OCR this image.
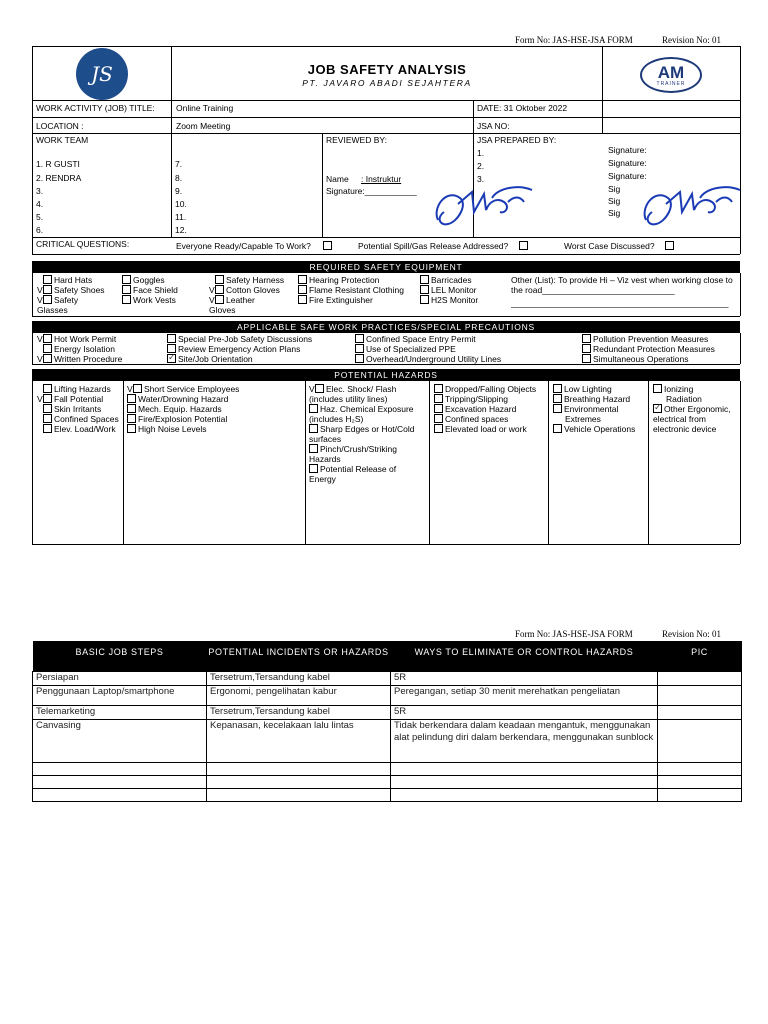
Form No: JAS-HSE-JSA FORM	Revision No: 01
JS	JOB SAFETY ANALYSIS
PT. JAVARO ABADI SEJAHTERA
AM
TRAINER
WORK ACTIVITY (JOB) TITLE:	Online Training	DATE: 31 Oktober 2022
LOCATION :	Zoom Meeting	JSA NO:
WORK TEAM
1. R GUSTI
2. RENDRA
3.
4.
5.
6.
7.
8.
9.
10.
11.
12.
REVIEWED BY:
Name : Instruktur
Signature:___________
JSA PREPARED BY:
1.
2.
3.
Signature:
Signature:
Signature:
Sig
Sig
Sig
CRITICAL QUESTIONS:	Everyone Ready/Capable To Work?	Potential Spill/Gas Release Addressed?	Worst Case Discussed?
REQUIRED SAFETY EQUIPMENT
Hard Hats
V Safety Shoes
V Safety
Glasses
Goggles
Face Shield
Work Vests
Safety Harness
V Cotton Gloves
V Leather
Gloves
Hearing Protection
Flame Resistant Clothing
Fire Extinguisher
Barricades
LEL Monitor
H2S Monitor
Other (List): To provide Hi – Viz vest when working close to the road____________________________
______________________________________________
______________________________________________
APPLICABLE SAFE WORK PRACTICES/SPECIAL PRECAUTIONS
V Hot Work Permit
Energy Isolation
V Written Procedure
Special Pre-Job Safety Discussions
Review Emergency Action Plans
✓Site/Job Orientation
Confined Space Entry Permit
Use of Specialized PPE
Overhead/Underground Utility Lines
Pollution Prevention Measures
Redundant Protection Measures
Simultaneous Operations
POTENTIAL HAZARDS
Lifting Hazards
V Fall Potential
Skin Irritants
Confined Spaces
Elev. Load/Work
V Short Service Employees
Water/Drowning Hazard
Mech. Equip. Hazards
Fire/Explosion Potential
High Noise Levels
V Elec. Shock/ Flash
(includes utility lines)
Haz. Chemical Exposure
(includes H₂S)
Sharp Edges or Hot/Cold
surfaces
Pinch/Crush/Striking
Hazards
Potential Release of
Energy
Dropped/Falling Objects
Tripping/Slipping
Excavation Hazard
Confined spaces
Elevated load or work
Low Lighting
Breathing Hazard
Environmental
Extremes
Vehicle Operations
Ionizing
Radiation
✓Other Ergonomic,
electrical from
electronic device
Form No: JAS-HSE-JSA FORM	Revision No: 01
BASIC JOB STEPS	POTENTIAL INCIDENTS OR HAZARDS	WAYS TO ELIMINATE OR CONTROL HAZARDS	PIC
Persiapan	Tersetrum,Tersandung kabel	5R	
Penggunaan Laptop/smartphone	Ergonomi, pengelihatan kabur	Peregangan, setiap 30 menit merehatkan pengeliatan	
Telemarketing	Tersetrum,Tersandung kabel	5R	
Canvasing	Kepanasan, kecelakaan lalu lintas	Tidak berkendara dalam keadaan mengantuk, menggunakan alat pelindung diri dalam berkendara, menggunakan sunblock	
